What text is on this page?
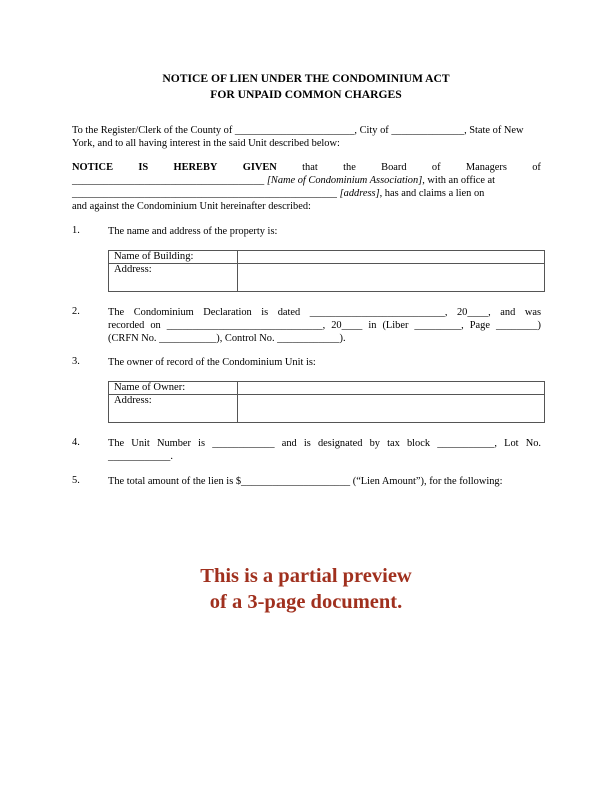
NOTICE OF LIEN UNDER THE CONDOMINIUM ACT
FOR UNPAID COMMON CHARGES
To the Register/Clerk of the County of _______________________, City of ______________, State of New
York, and to all having interest in the said Unit described below:
NOTICE IS HEREBY GIVEN that the Board of Managers of
_____________________________________ [Name of Condominium Association], with an office at
___________________________________________________ [address], has and claims a lien on
and against the Condominium Unit hereinafter described:
1.	The name and address of the property is:
Name of Building:	
Address:	
2.	The Condominium Declaration is dated __________________________, 20____, and was
recorded on ______________________________, 20____ in (Liber _________, Page ________)
(CRFN No. ___________), Control No. ____________).
3.	The owner of record of the Condominium Unit is:
Name of Owner:	
Address:	
4.	The Unit Number is ____________ and is designated by tax block ___________, Lot No.
____________.
5.	The total amount of the lien is $_____________________ (“Lien Amount”), for the following:
This is a partial preview
of a 3-page document.
